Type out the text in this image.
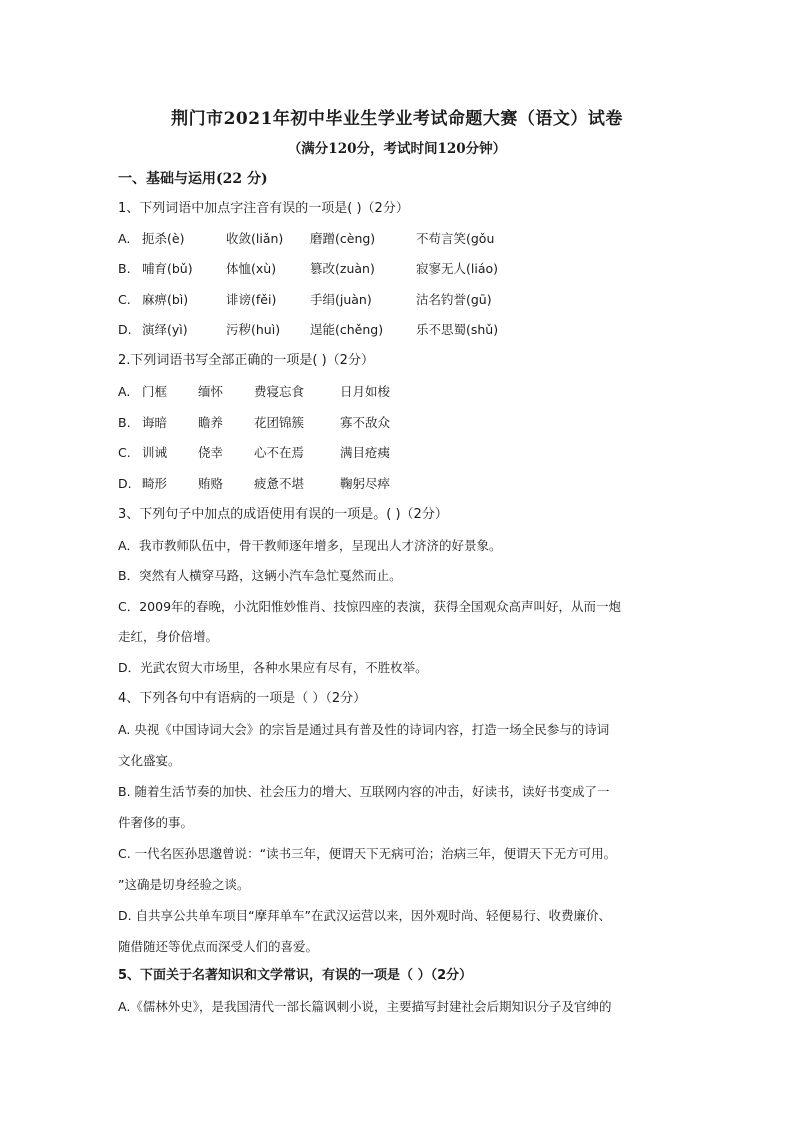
荆门市2021年初中毕业生学业考试命题大赛（语文）试卷
（满分120分，考试时间120分钟）
一、基础与运用(22 分)
1、下列词语中加点字注音有误的一项是( )（2分）
A. 扼杀(è)	收敛(liǎn) 磨蹭(cèng)	不苟言笑(gǒu
B. 哺育(bǔ)	体恤(xù)	篡改(zuàn)	寂寥无人(liáo)
C. 麻痹(bì)	诽谤(fěi)	手绢(juàn)	沽名钓誉(gū)
D. 演绎(yì)	污秽(huì) 逞能(chěng)	乐不思蜀(shǔ)
2.下列词语书写全部正确的一项是( )（2分）
A. 门框 缅怀 费寝忘食	日月如梭
B. 诲暗 瞻养 花团锦簇	寡不敌众
C. 训诫 侥幸 心不在焉	满目疮痍
D. 畸形 贿赂 疲惫不堪	鞠躬尽瘁
3、下列句子中加点的成语使用有误的一项是。( )（2分）
A．我市教师队伍中，骨干教师逐年增多，呈现出人才济济的好景象。
B．突然有人横穿马路，这辆小汽车急忙戛然而止。
C．2009年的春晚，小沈阳惟妙惟肖、技惊四座的表演，获得全国观众高声叫好，从而一炮
走红，身价倍增。
D．光武农贸大市场里，各种水果应有尽有，不胜枚举。
4、下列各句中有语病的一项是（ ）（2分）
A. 央视《中国诗词大会》的宗旨是通过具有普及性的诗词内容，打造一场全民参与的诗词
文化盛宴。
B. 随着生活节奏的加快、社会压力的增大、互联网内容的冲击，好读书，读好书变成了一
件奢侈的事。
C. 一代名医孙思邈曾说：“读书三年，便谓天下无病可治；治病三年，便谓天下无方可用。
”这确是切身经验之谈。
D. 自共享公共单车项目“摩拜单车”在武汉运营以来，因外观时尚、轻便易行、收费廉价、
随借随还等优点而深受人们的喜爱。
5、下面关于名著知识和文学常识，有误的一项是（ ）（2分）
A.《儒林外史》，是我国清代一部长篇讽刺小说，主要描写封建社会后期知识分子及官绅的
